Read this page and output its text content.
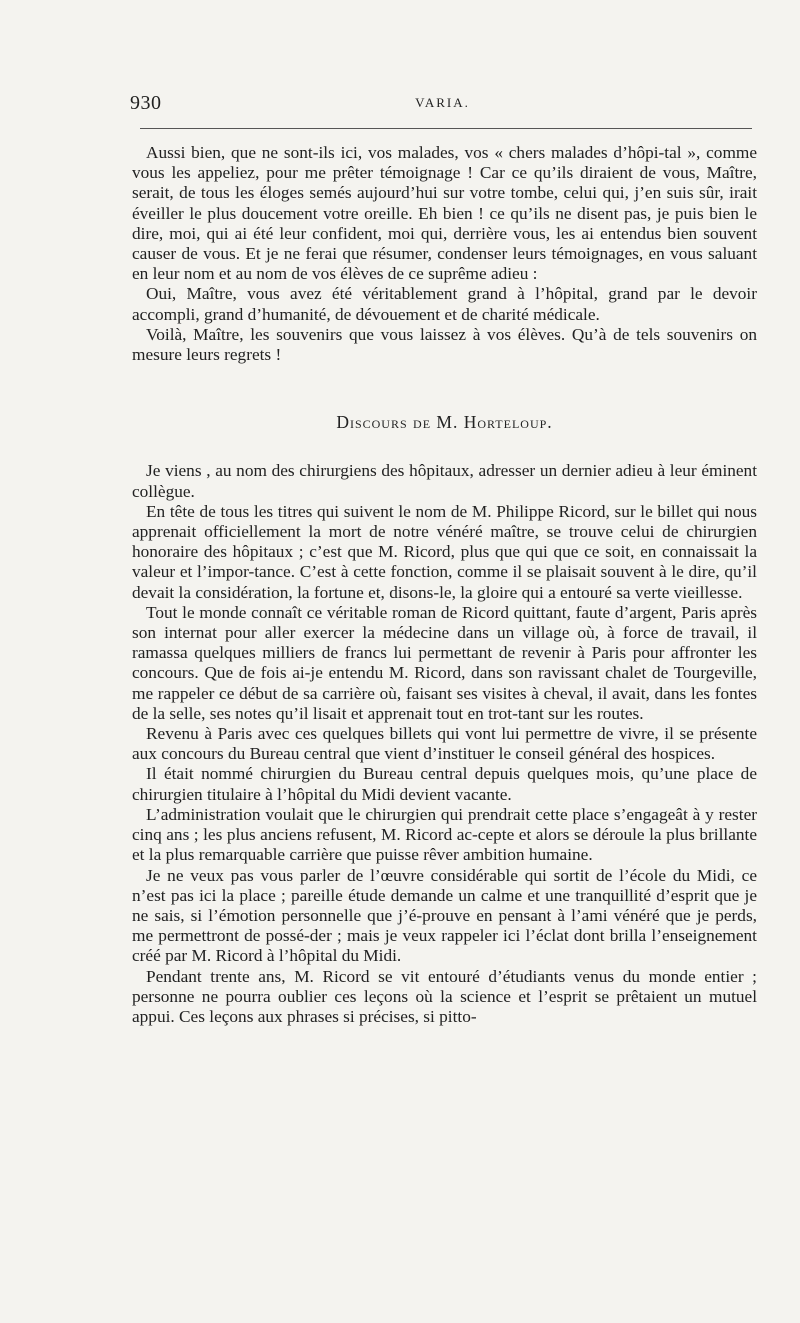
930	VARIA.

Aussi bien, que ne sont-ils ici, vos malades, vos « chers malades d’hôpi-tal », comme vous les appeliez, pour me prêter témoignage ! Car ce qu’ils diraient de vous, Maître, serait, de tous les éloges semés aujourd’hui sur votre tombe, celui qui, j’en suis sûr, irait éveiller le plus doucement votre oreille. Eh bien ! ce qu’ils ne disent pas, je puis bien le dire, moi, qui ai été leur confident, moi qui, derrière vous, les ai entendus bien souvent causer de vous. Et je ne ferai que résumer, condenser leurs témoignages, en vous saluant en leur nom et au nom de vos élèves de ce suprême adieu :

Oui, Maître, vous avez été véritablement grand à l’hôpital, grand par le devoir accompli, grand d’humanité, de dévouement et de charité médicale.

Voilà, Maître, les souvenirs que vous laissez à vos élèves. Qu’à de tels souvenirs on mesure leurs regrets !

Discours de M. Horteloup.

Je viens , au nom des chirurgiens des hôpitaux, adresser un dernier adieu à leur éminent collègue.

En tête de tous les titres qui suivent le nom de M. Philippe Ricord, sur le billet qui nous apprenait officiellement la mort de notre vénéré maître, se trouve celui de chirurgien honoraire des hôpitaux ; c’est que M. Ricord, plus que qui que ce soit, en connaissait la valeur et l’impor-tance. C’est à cette fonction, comme il se plaisait souvent à le dire, qu’il devait la considération, la fortune et, disons-le, la gloire qui a entouré sa verte vieillesse.

Tout le monde connaît ce véritable roman de Ricord quittant, faute d’argent, Paris après son internat pour aller exercer la médecine dans un village où, à force de travail, il ramassa quelques milliers de francs lui permettant de revenir à Paris pour affronter les concours. Que de fois ai-je entendu M. Ricord, dans son ravissant chalet de Tourgeville, me rappeler ce début de sa carrière où, faisant ses visites à cheval, il avait, dans les fontes de la selle, ses notes qu’il lisait et apprenait tout en trot-tant sur les routes.

Revenu à Paris avec ces quelques billets qui vont lui permettre de vivre, il se présente aux concours du Bureau central que vient d’instituer le conseil général des hospices.

Il était nommé chirurgien du Bureau central depuis quelques mois, qu’une place de chirurgien titulaire à l’hôpital du Midi devient vacante.

L’administration voulait que le chirurgien qui prendrait cette place s’engageât à y rester cinq ans ; les plus anciens refusent, M. Ricord ac-cepte et alors se déroule la plus brillante et la plus remarquable carrière que puisse rêver ambition humaine.

Je ne veux pas vous parler de l’œuvre considérable qui sortit de l’école du Midi, ce n’est pas ici la place ; pareille étude demande un calme et une tranquillité d’esprit que je ne sais, si l’émotion personnelle que j’é-prouve en pensant à l’ami vénéré que je perds, me permettront de possé-der ; mais je veux rappeler ici l’éclat dont brilla l’enseignement créé par M. Ricord à l’hôpital du Midi.

Pendant trente ans, M. Ricord se vit entouré d’étudiants venus du monde entier ; personne ne pourra oublier ces leçons où la science et l’esprit se prêtaient un mutuel appui. Ces leçons aux phrases si précises, si pitto-
